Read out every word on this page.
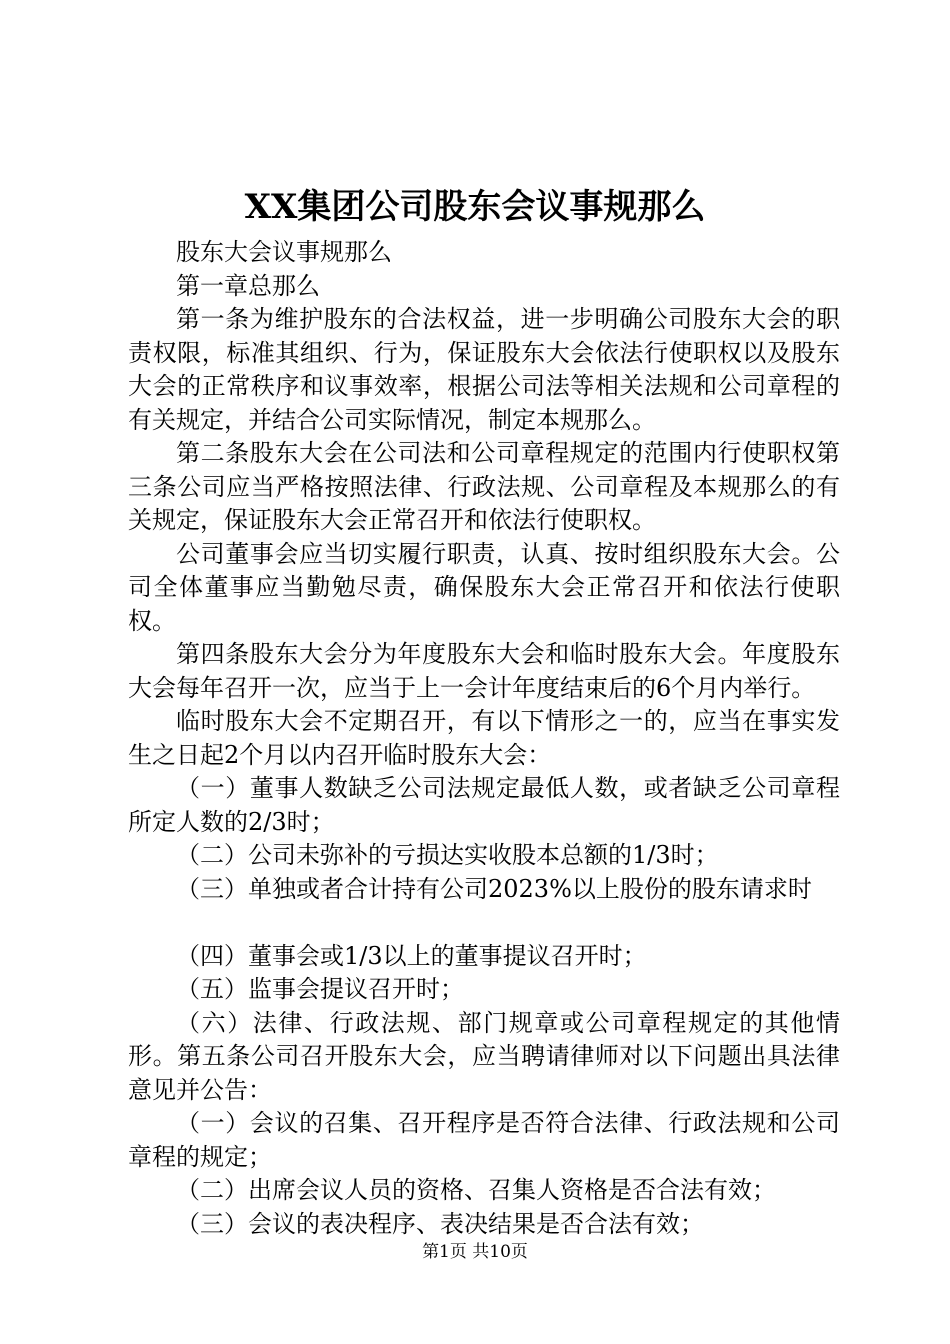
XX集团公司股东会议事规那么

股东大会议事规那么

第一章总那么

第一条为维护股东的合法权益，进一步明确公司股东大会的职责权限，标准其组织、行为，保证股东大会依法行使职权以及股东大会的正常秩序和议事效率，根据公司法等相关法规和公司章程的有关规定，并结合公司实际情况，制定本规那么。

第二条股东大会在公司法和公司章程规定的范围内行使职权第三条公司应当严格按照法律、行政法规、公司章程及本规那么的有关规定，保证股东大会正常召开和依法行使职权。

公司董事会应当切实履行职责，认真、按时组织股东大会。公司全体董事应当勤勉尽责，确保股东大会正常召开和依法行使职权。

第四条股东大会分为年度股东大会和临时股东大会。年度股东大会每年召开一次，应当于上一会计年度结束后的6个月内举行。

临时股东大会不定期召开，有以下情形之一的，应当在事实发生之日起2个月以内召开临时股东大会：

（一）董事人数缺乏公司法规定最低人数，或者缺乏公司章程所定人数的2/3时；

（二）公司未弥补的亏损达实收股本总额的1/3时；

（三）单独或者合计持有公司2023%以上股份的股东请求时

（四）董事会或1/3以上的董事提议召开时；

（五）监事会提议召开时；

（六）法律、行政法规、部门规章或公司章程规定的其他情形。第五条公司召开股东大会，应当聘请律师对以下问题出具法律意见并公告：

（一）会议的召集、召开程序是否符合法律、行政法规和公司章程的规定；

（二）出席会议人员的资格、召集人资格是否合法有效；

（三）会议的表决程序、表决结果是否合法有效；

第1页 共10页
